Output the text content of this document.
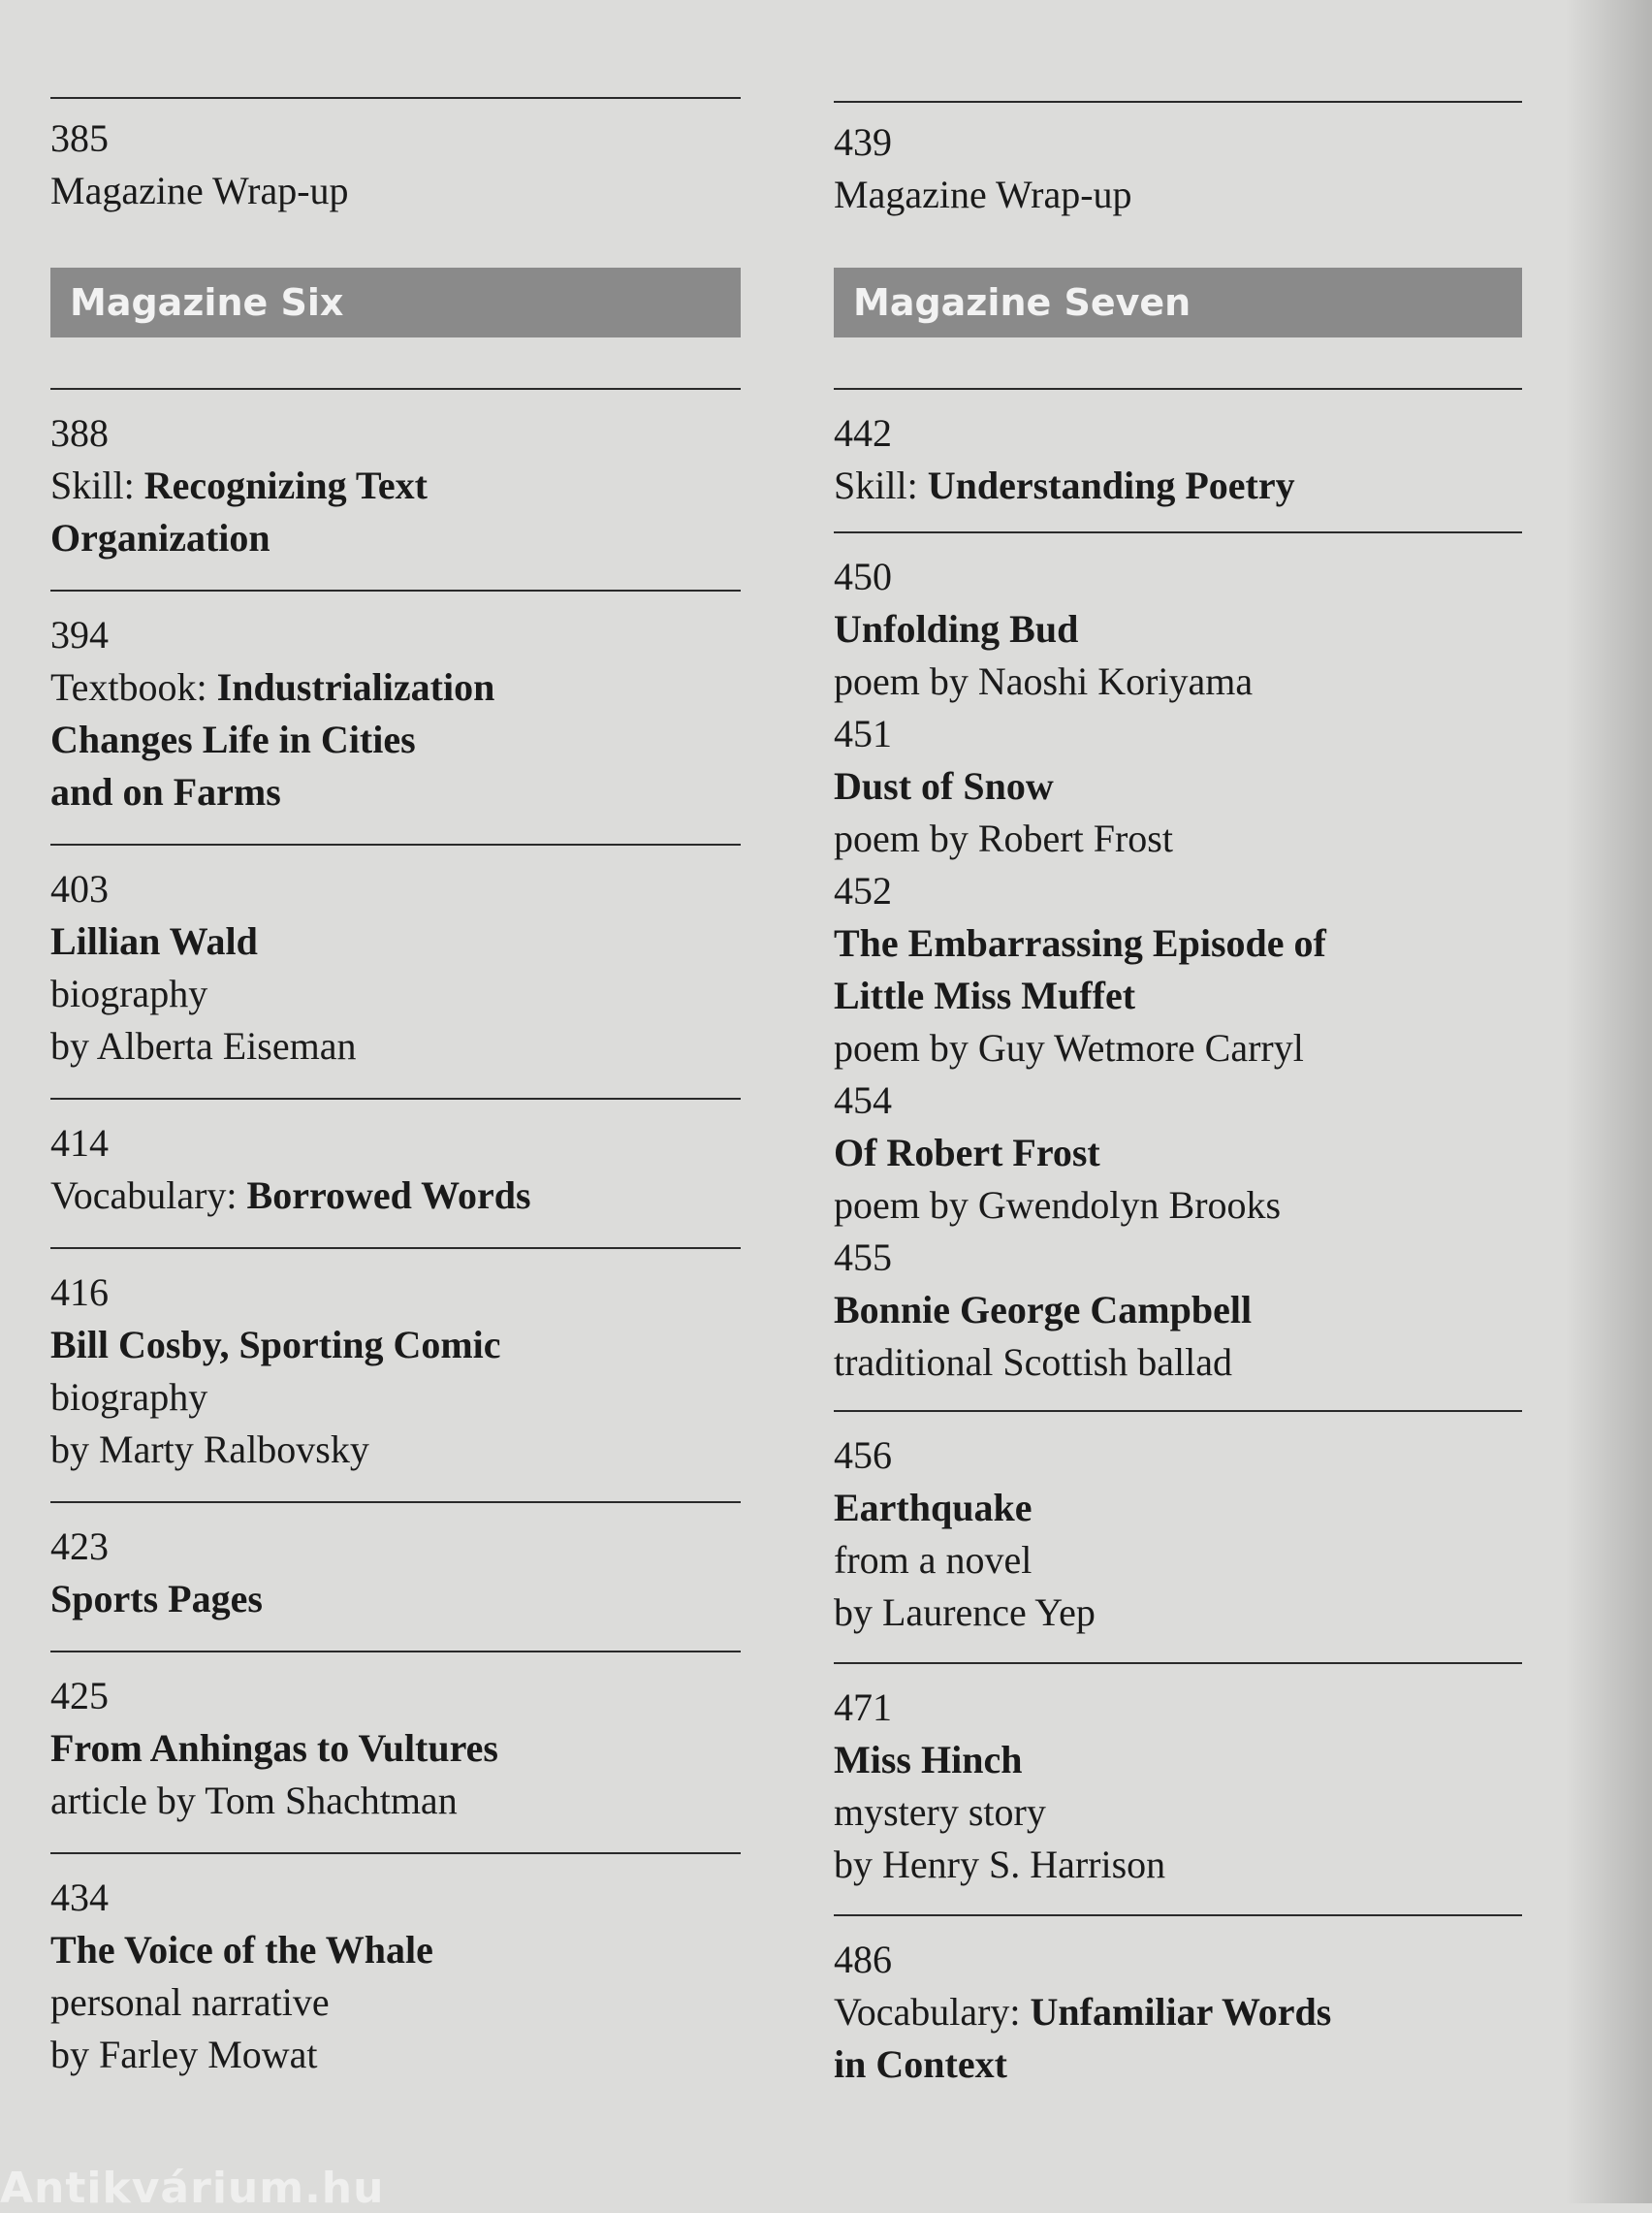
385
Magazine Wrap-up
Magazine Six
388
Skill: Recognizing Text
Organization
394
Textbook: Industrialization
Changes Life in Cities
and on Farms
403
Lillian Wald
biography
by Alberta Eiseman
414
Vocabulary: Borrowed Words
416
Bill Cosby, Sporting Comic
biography
by Marty Ralbovsky
423
Sports Pages
425
From Anhingas to Vultures
article by Tom Shachtman
434
The Voice of the Whale
personal narrative
by Farley Mowat
439
Magazine Wrap-up
Magazine Seven
442
Skill: Understanding Poetry
450
Unfolding Bud
poem by Naoshi Koriyama
451
Dust of Snow
poem by Robert Frost
452
The Embarrassing Episode of
Little Miss Muffet
poem by Guy Wetmore Carryl
454
Of Robert Frost
poem by Gwendolyn Brooks
455
Bonnie George Campbell
traditional Scottish ballad
456
Earthquake
from a novel
by Laurence Yep
471
Miss Hinch
mystery story
by Henry S. Harrison
486
Vocabulary: Unfamiliar Words
in Context
Antikvárium.hu
